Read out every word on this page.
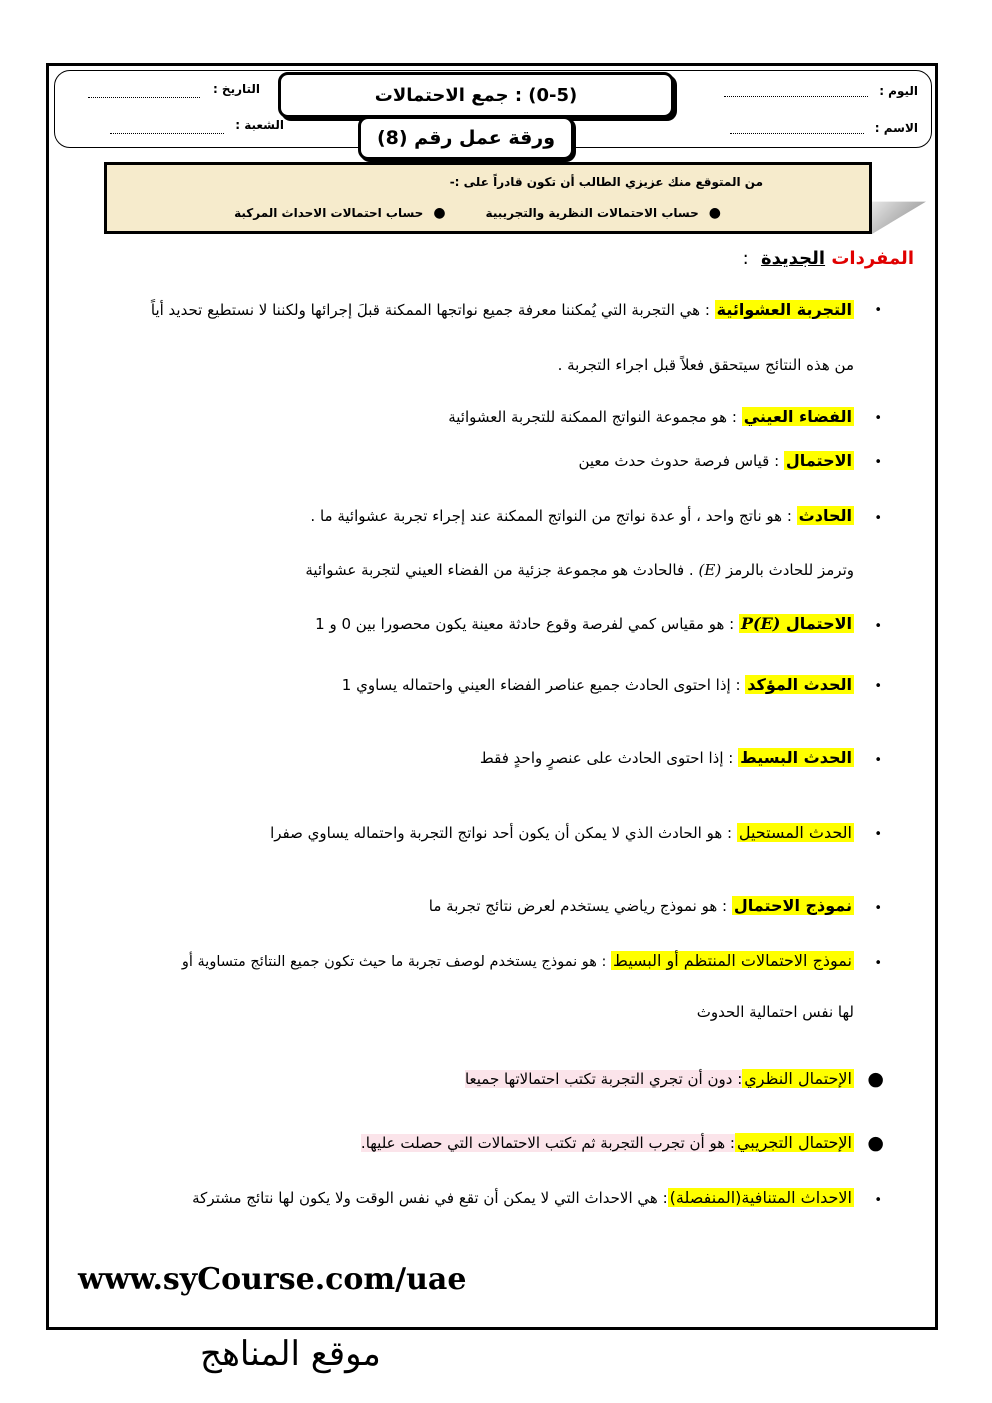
اليوم :
الاسم :
التاريخ :
الشعبة :
(0-5) : جمع الاحتمالات
ورقة عمل رقم (8)
من المتوقع منك عزيزي الطالب أن تكون قادراً على :-
●حساب الاحتمالات النظرية والتجريبية
●حساب احتمالات الاحداث المركبة
المفردات الجديدة :
•
التجربة العشوائية : هي التجربة التي يُمكننا معرفة جميع نواتجها الممكنة قبلَ إجرائها ولكننا لا نستطيع تحديد أياً
من هذه النتائج سيتحقق فعلاً قبل اجراء التجربة .
•
الفضاء العيني : هو مجموعة النواتج الممكنة للتجربة العشوائية
•
الاحتمال : قياس فرصة حدوث حدث معين
•
الحادث : هو ناتج واحد ، أو عدة نواتج من النواتج الممكنة عند إجراء تجربة عشوائية ما .
وترمز للحادث بالرمز (E) . فالحادث هو مجموعة جزئية من الفضاء العيني لتجربة عشوائية
•
الاحتمال P(E) : هو مقياس كمي لفرصة وقوع حادثة معينة يكون محصورا بين 0 و 1
•
الحدث المؤكد : إذا احتوى الحادث جميع عناصر الفضاء العيني واحتماله يساوي 1
•
الحدث البسيط : إذا احتوى الحادث على عنصرٍ واحدٍ فقط
•
الحدث المستحيل : هو الحادث الذي لا يمكن أن يكون أحد نواتج التجربة واحتماله يساوي صفرا
•
نموذج الاحتمال : هو نموذج رياضي يستخدم لعرض نتائج تجربة ما
•
نموذج الاحتمالات المنتظم أو البسيط : هو نموذج يستخدم لوصف تجربة ما حيث تكون جميع النتائج متساوية أو
لها نفس احتمالية الحدوث
●
الإحتمال النظري: دون أن تجري التجربة تكتب احتمالاتها جميعا
●
الإحتمال التجريبي: هو أن تجرب التجربة ثم تكتب الاحتمالات التي حصلت عليها.
•
الاحداث المتنافية(المنفصلة): هي الاحداث التي لا يمكن أن تقع في نفس الوقت ولا يكون لها نتائج مشتركة
www.syCourse.com/uae
موقع المناهج
